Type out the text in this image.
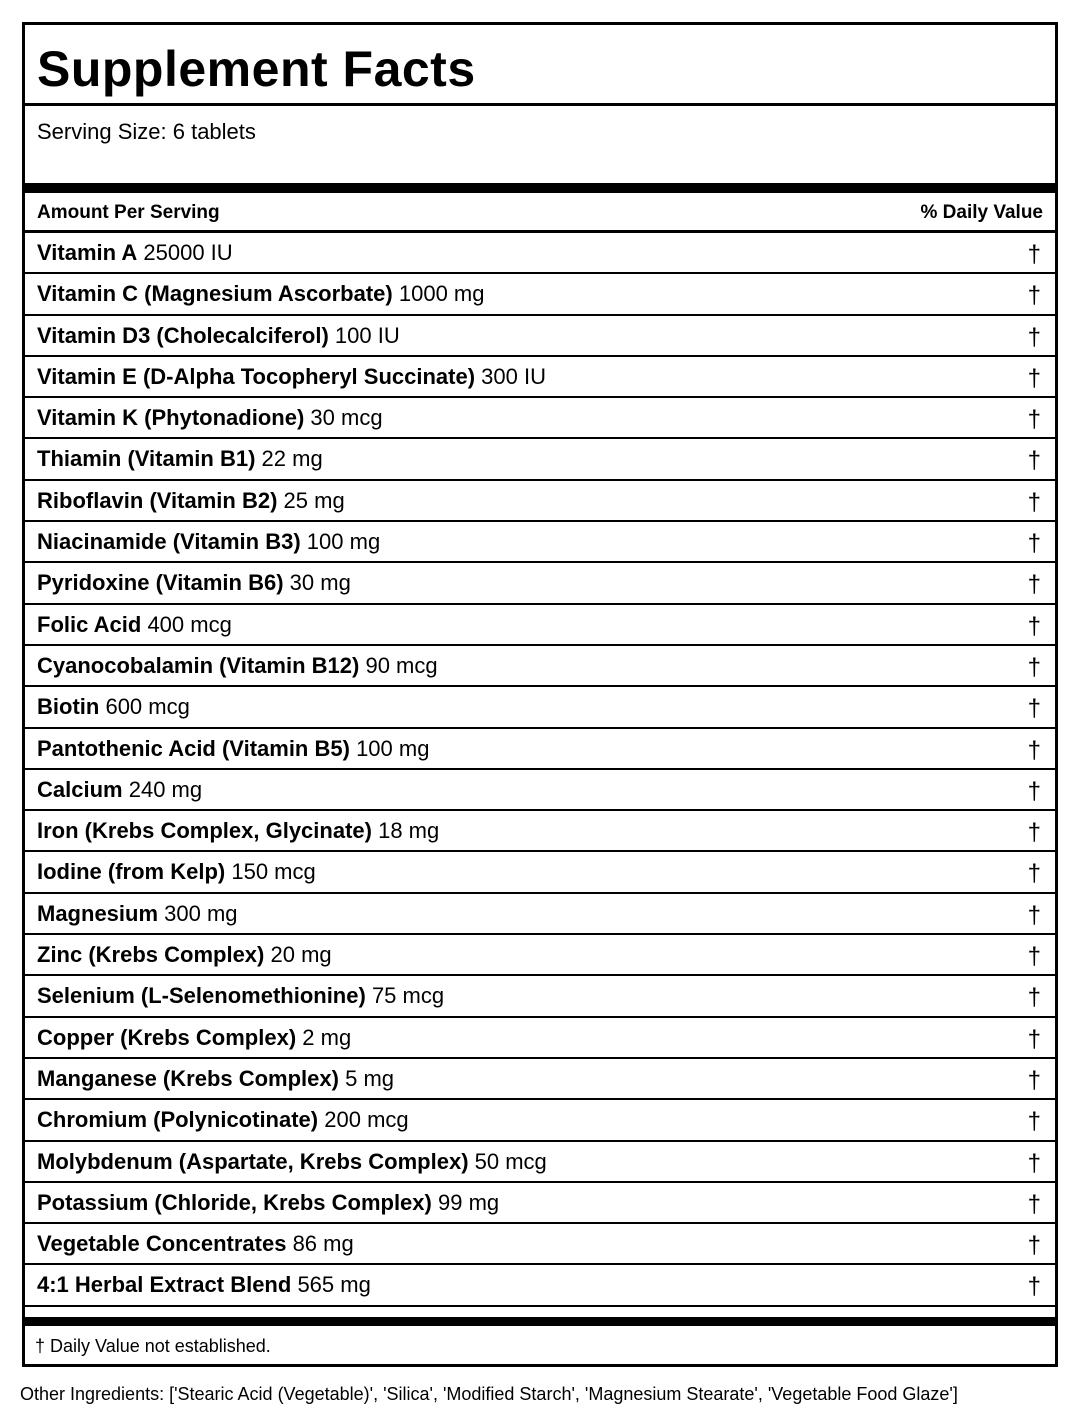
Supplement Facts
Serving Size: 6 tablets
Amount Per Serving	% Daily Value
Vitamin A 25000 IU	†
Vitamin C (Magnesium Ascorbate) 1000 mg	†
Vitamin D3 (Cholecalciferol) 100 IU	†
Vitamin E (D-Alpha Tocopheryl Succinate) 300 IU	†
Vitamin K (Phytonadione) 30 mcg	†
Thiamin (Vitamin B1) 22 mg	†
Riboflavin (Vitamin B2) 25 mg	†
Niacinamide (Vitamin B3) 100 mg	†
Pyridoxine (Vitamin B6) 30 mg	†
Folic Acid 400 mcg	†
Cyanocobalamin (Vitamin B12) 90 mcg	†
Biotin 600 mcg	†
Pantothenic Acid (Vitamin B5) 100 mg	†
Calcium 240 mg	†
Iron (Krebs Complex, Glycinate) 18 mg	†
Iodine (from Kelp) 150 mcg	†
Magnesium 300 mg	†
Zinc (Krebs Complex) 20 mg	†
Selenium (L-Selenomethionine) 75 mcg	†
Copper (Krebs Complex) 2 mg	†
Manganese (Krebs Complex) 5 mg	†
Chromium (Polynicotinate) 200 mcg	†
Molybdenum (Aspartate, Krebs Complex) 50 mcg	†
Potassium (Chloride, Krebs Complex) 99 mg	†
Vegetable Concentrates 86 mg	†
4:1 Herbal Extract Blend 565 mg	†
† Daily Value not established.
Other Ingredients: ['Stearic Acid (Vegetable)', 'Silica', 'Modified Starch', 'Magnesium Stearate', 'Vegetable Food Glaze']
